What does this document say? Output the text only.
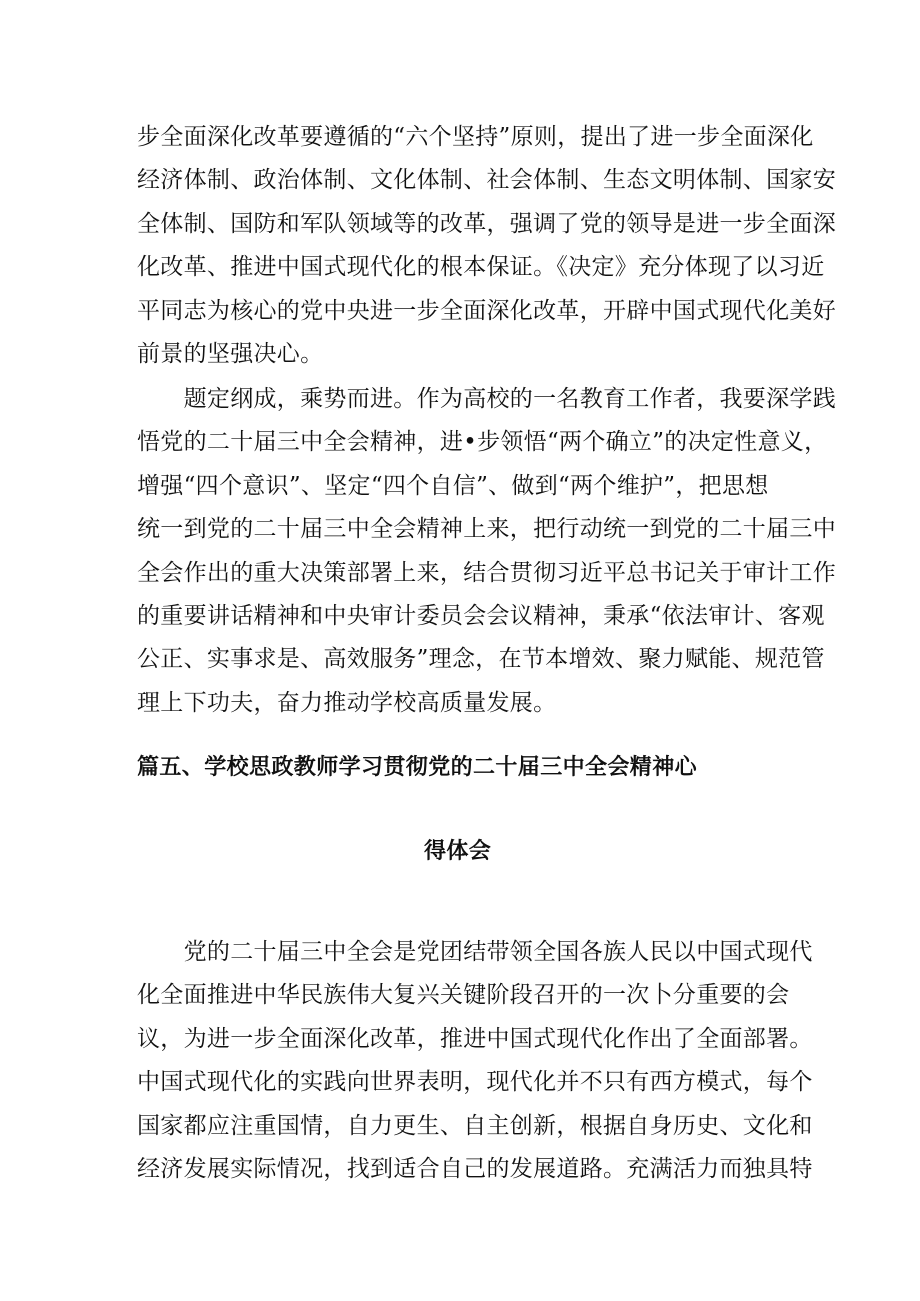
步全面深化改革要遵循的“六个坚持”原则，提出了进一步全面深化
经济体制、政治体制、文化体制、社会体制、生态文明体制、国家安
全体制、国防和军队领域等的改革，强调了党的领导是进一步全面深
化改革、推进中国式现代化的根本保证。《决定》充分体现了以习近
平同志为核心的党中央进一步全面深化改革，开辟中国式现代化美好
前景的坚强决心。
　　题定纲成，乘势而进。作为高校的一名教育工作者，我要深学践
悟党的二十届三中全会精神，进•步领悟“两个确立”的决定性意义，
增强“四个意识”、坚定“四个自信”、做到“两个维护”，把思想
统一到党的二十届三中全会精神上来，把行动统一到党的二十届三中
全会作出的重大决策部署上来，结合贯彻习近平总书记关于审计工作
的重要讲话精神和中央审计委员会会议精神，秉承“依法审计、客观
公正、实事求是、高效服务”理念，在节本增效、聚力赋能、规范管
理上下功夫，奋力推动学校高质量发展。
篇五、学校思政教师学习贯彻党的二十届三中全会精神心
得体会
　　党的二十届三中全会是党团结带领全国各族人民以中国式现代
化全面推进中华民族伟大复兴关键阶段召开的一次卜分重要的会
议，为进一步全面深化改革，推进中国式现代化作出了全面部署。
中国式现代化的实践向世界表明，现代化并不只有西方模式，每个
国家都应注重国情，自力更生、自主创新，根据自身历史、文化和
经济发展实际情况，找到适合自己的发展道路。充满活力而独具特
